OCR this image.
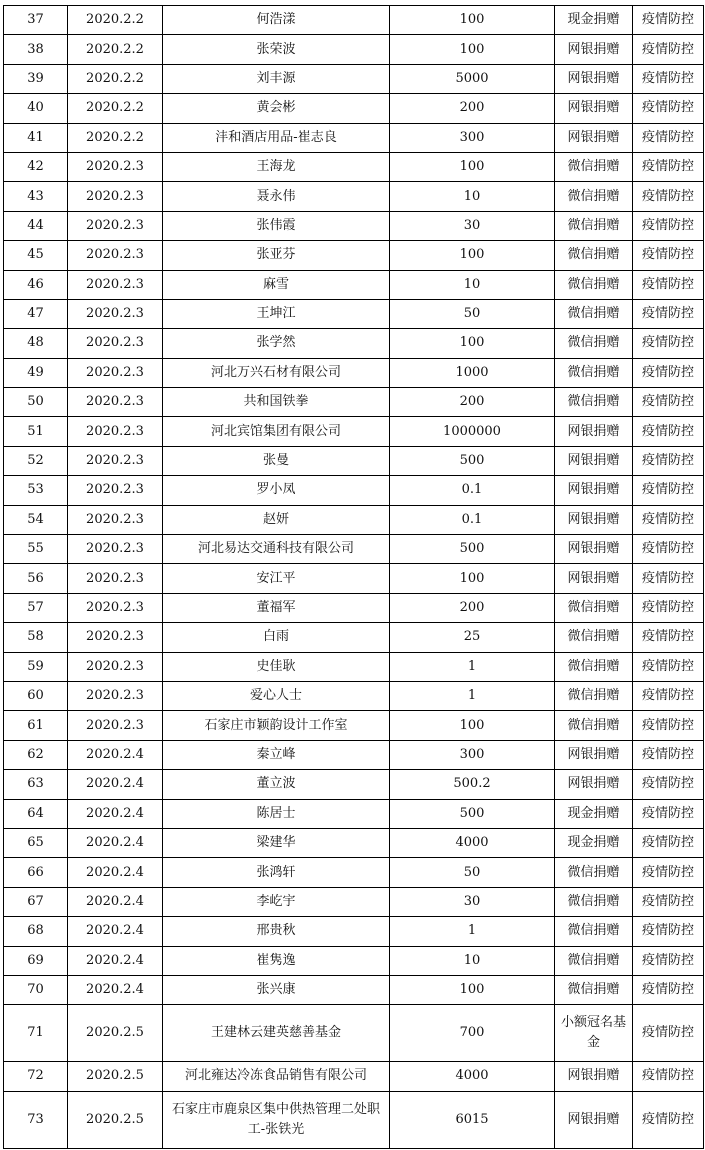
37	2020.2.2	何浩漾	100	现金捐赠	疫情防控
38	2020.2.2	张荣波	100	网银捐赠	疫情防控
39	2020.2.2	刘丰源	5000	网银捐赠	疫情防控
40	2020.2.2	黄会彬	200	网银捐赠	疫情防控
41	2020.2.2	沣和酒店用品-崔志良	300	网银捐赠	疫情防控
42	2020.2.3	王海龙	100	微信捐赠	疫情防控
43	2020.2.3	聂永伟	10	微信捐赠	疫情防控
44	2020.2.3	张伟霞	30	微信捐赠	疫情防控
45	2020.2.3	张亚芬	100	微信捐赠	疫情防控
46	2020.2.3	麻雪	10	微信捐赠	疫情防控
47	2020.2.3	王坤江	50	微信捐赠	疫情防控
48	2020.2.3	张学然	100	微信捐赠	疫情防控
49	2020.2.3	河北万兴石材有限公司	1000	微信捐赠	疫情防控
50	2020.2.3	共和国铁拳	200	微信捐赠	疫情防控
51	2020.2.3	河北宾馆集团有限公司	1000000	网银捐赠	疫情防控
52	2020.2.3	张曼	500	网银捐赠	疫情防控
53	2020.2.3	罗小凤	0.1	网银捐赠	疫情防控
54	2020.2.3	赵妍	0.1	网银捐赠	疫情防控
55	2020.2.3	河北易达交通科技有限公司	500	网银捐赠	疫情防控
56	2020.2.3	安江平	100	网银捐赠	疫情防控
57	2020.2.3	董福军	200	微信捐赠	疫情防控
58	2020.2.3	白雨	25	微信捐赠	疫情防控
59	2020.2.3	史佳耿	1	微信捐赠	疫情防控
60	2020.2.3	爱心人士	1	微信捐赠	疫情防控
61	2020.2.3	石家庄市颖韵设计工作室	100	微信捐赠	疫情防控
62	2020.2.4	秦立峰	300	网银捐赠	疫情防控
63	2020.2.4	董立波	500.2	网银捐赠	疫情防控
64	2020.2.4	陈居士	500	现金捐赠	疫情防控
65	2020.2.4	梁建华	4000	现金捐赠	疫情防控
66	2020.2.4	张鸿轩	50	微信捐赠	疫情防控
67	2020.2.4	李屹宇	30	微信捐赠	疫情防控
68	2020.2.4	邢贵秋	1	微信捐赠	疫情防控
69	2020.2.4	崔隽逸	10	微信捐赠	疫情防控
70	2020.2.4	张兴康	100	微信捐赠	疫情防控
71	2020.2.5	王建林云建英慈善基金	700	小额冠名基金	疫情防控
72	2020.2.5	河北雍达冷冻食品销售有限公司	4000	网银捐赠	疫情防控
73	2020.2.5	石家庄市鹿泉区集中供热管理二处职工-张铁光	6015	网银捐赠	疫情防控
